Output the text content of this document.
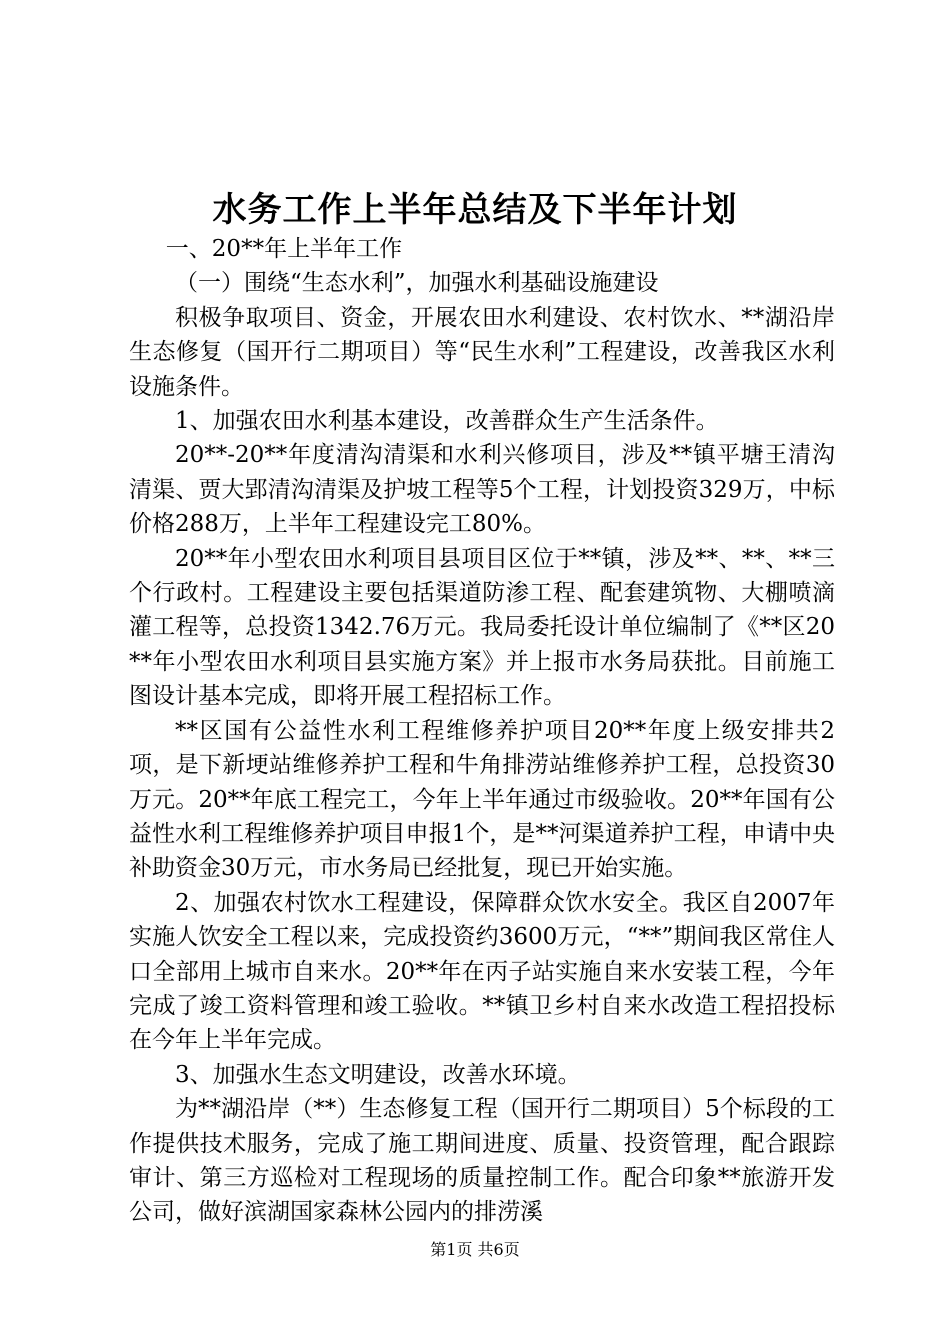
水务工作上半年总结及下半年计划

一、20**年上半年工作

（一）围绕“生态水利”，加强水利基础设施建设

积极争取项目、资金，开展农田水利建设、农村饮水、**湖沿岸生态修复（国开行二期项目）等“民生水利”工程建设，改善我区水利设施条件。

1、加强农田水利基本建设，改善群众生产生活条件。

20**-20**年度清沟清渠和水利兴修项目，涉及**镇平塘王清沟清渠、贾大郢清沟清渠及护坡工程等5个工程，计划投资329万，中标价格288万，上半年工程建设完工80%。

20**年小型农田水利项目县项目区位于**镇，涉及**、**、**三个行政村。工程建设主要包括渠道防渗工程、配套建筑物、大棚喷滴灌工程等，总投资1342.76万元。我局委托设计单位编制了《**区20**年小型农田水利项目县实施方案》并上报市水务局获批。目前施工图设计基本完成，即将开展工程招标工作。

**区国有公益性水利工程维修养护项目20**年度上级安排共2项，是下新埂站维修养护工程和牛角排涝站维修养护工程，总投资30万元。20**年底工程完工，今年上半年通过市级验收。20**年国有公益性水利工程维修养护项目申报1个，是**河渠道养护工程，申请中央补助资金30万元，市水务局已经批复，现已开始实施。

2、加强农村饮水工程建设，保障群众饮水安全。我区自2007年实施人饮安全工程以来，完成投资约3600万元，“**”期间我区常住人口全部用上城市自来水。20**年在丙子站实施自来水安装工程，今年完成了竣工资料管理和竣工验收。**镇卫乡村自来水改造工程招投标在今年上半年完成。

3、加强水生态文明建设，改善水环境。

为**湖沿岸（**）生态修复工程（国开行二期项目）5个标段的工作提供技术服务，完成了施工期间进度、质量、投资管理，配合跟踪审计、第三方巡检对工程现场的质量控制工作。配合印象**旅游开发公司，做好滨湖国家森林公园内的排涝溪

第1页 共6页
